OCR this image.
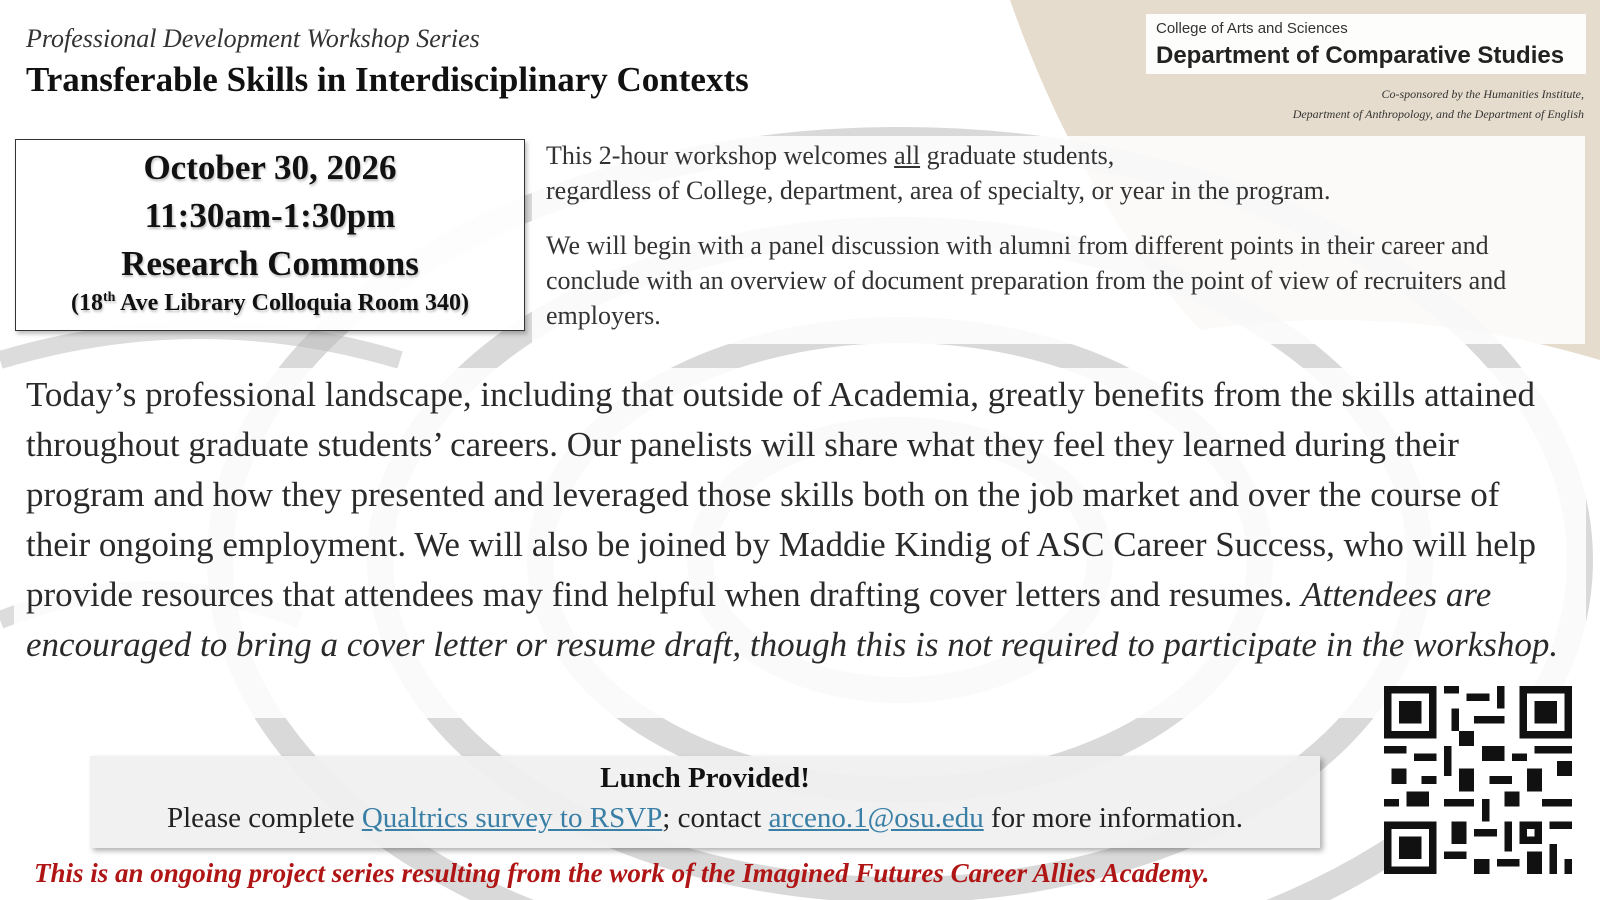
Professional Development Workshop Series
Transferable Skills in Interdisciplinary Contexts
College of Arts and Sciences
Department of Comparative Studies
Co-sponsored by the Humanities Institute,
Department of Anthropology, and the Department of English
October 30, 2026
11:30am-1:30pm
Research Commons
(18th Ave Library Colloquia Room 340)

This 2-hour workshop welcomes all graduate students,
regardless of College, department, area of specialty, or year in the program.

We will begin with a panel discussion with alumni from different points in their career and conclude with an overview of document preparation from the point of view of recruiters and employers.

Today’s professional landscape, including that outside of Academia, greatly benefits from the skills attained throughout graduate students’ careers. Our panelists will share what they feel they learned during their program and how they presented and leveraged those skills both on the job market and over the course of their ongoing employment. We will also be joined by Maddie Kindig of ASC Career Success, who will help provide resources that attendees may find helpful when drafting cover letters and resumes. Attendees are encouraged to bring a cover letter or resume draft, though this is not required to participate in the workshop.
Lunch Provided!
Please complete Qualtrics survey to RSVP; contact arceno.1@osu.edu for more information.
This is an ongoing project series resulting from the work of the Imagined Futures Career Allies Academy.
